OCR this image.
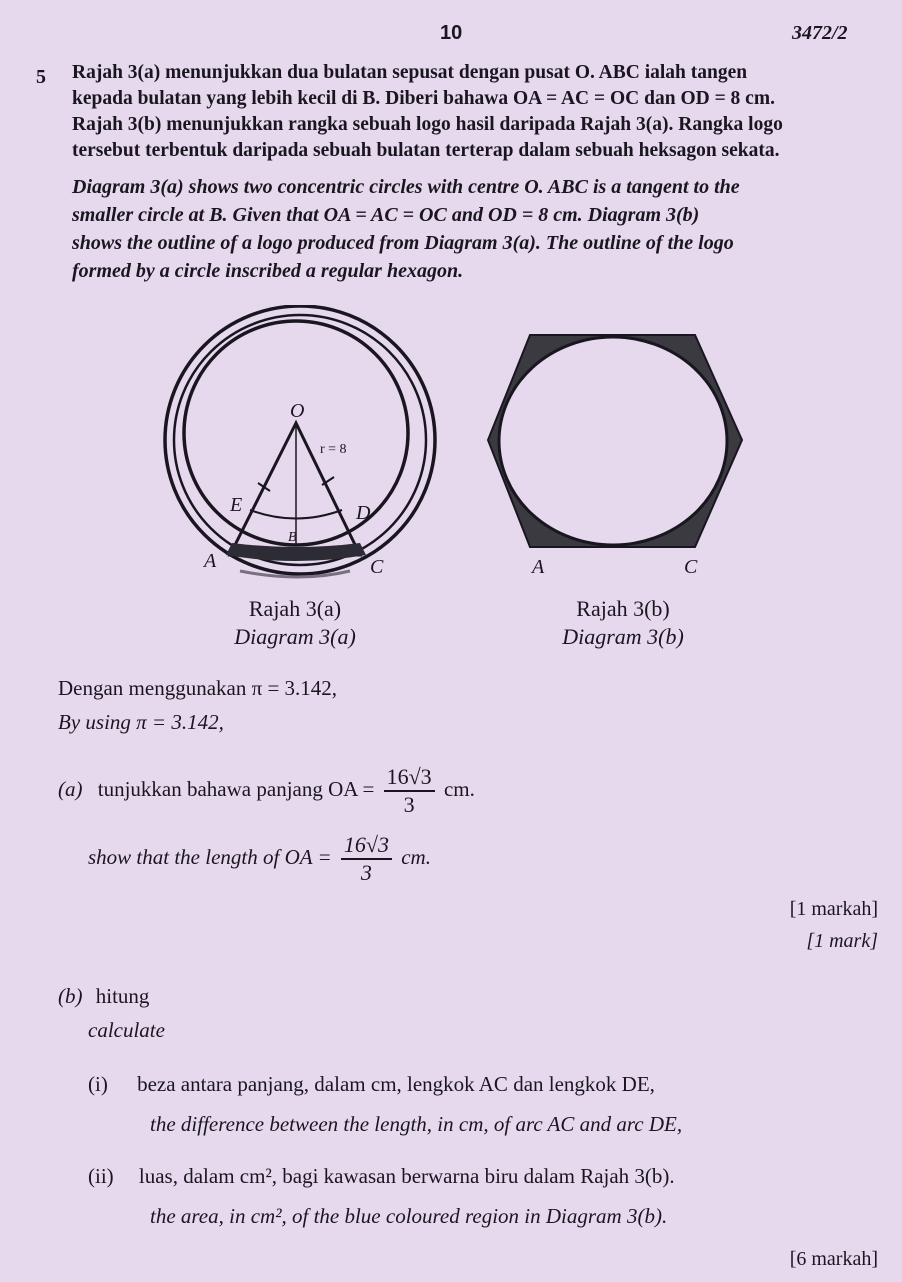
10	3472/2
5 Rajah 3(a) menunjukkan dua bulatan sepusat dengan pusat O. ABC ialah tangen
kepada bulatan yang lebih kecil di B. Diberi bahawa OA = AC = OC dan OD = 8 cm.
Rajah 3(b) menunjukkan rangka sebuah logo hasil daripada Rajah 3(a). Rangka logo
tersebut terbentuk daripada sebuah bulatan terterap dalam sebuah heksagon sekata.
Diagram 3(a) shows two concentric circles with centre O. ABC is a tangent to the
smaller circle at B. Given that OA = AC = OC and OD = 8 cm. Diagram 3(b)
shows the outline of a logo produced from Diagram 3(a). The outline of the logo
formed by a circle inscribed a regular hexagon.
O
r = 8
E	D
B
A	C	A	C
Rajah 3(a)
Diagram 3(a)
Rajah 3(b)
Diagram 3(b)
Dengan menggunakan π = 3.142,
By using π = 3.142,
(a) tunjukkan bahawa panjang OA = $\frac{16√3}{3}$ cm.
show that the length of OA = $\frac{16√3}{3}$ cm.
[1 markah]
[1 mark]
(b) hitung
calculate
(i) beza antara panjang, dalam cm, lengkok AC dan lengkok DE,
the difference between the length, in cm, of arc AC and arc DE,
(ii) luas, dalam cm², bagi kawasan berwarna biru dalam Rajah 3(b).
the area, in cm², of the blue coloured region in Diagram 3(b).
[6 markah]
